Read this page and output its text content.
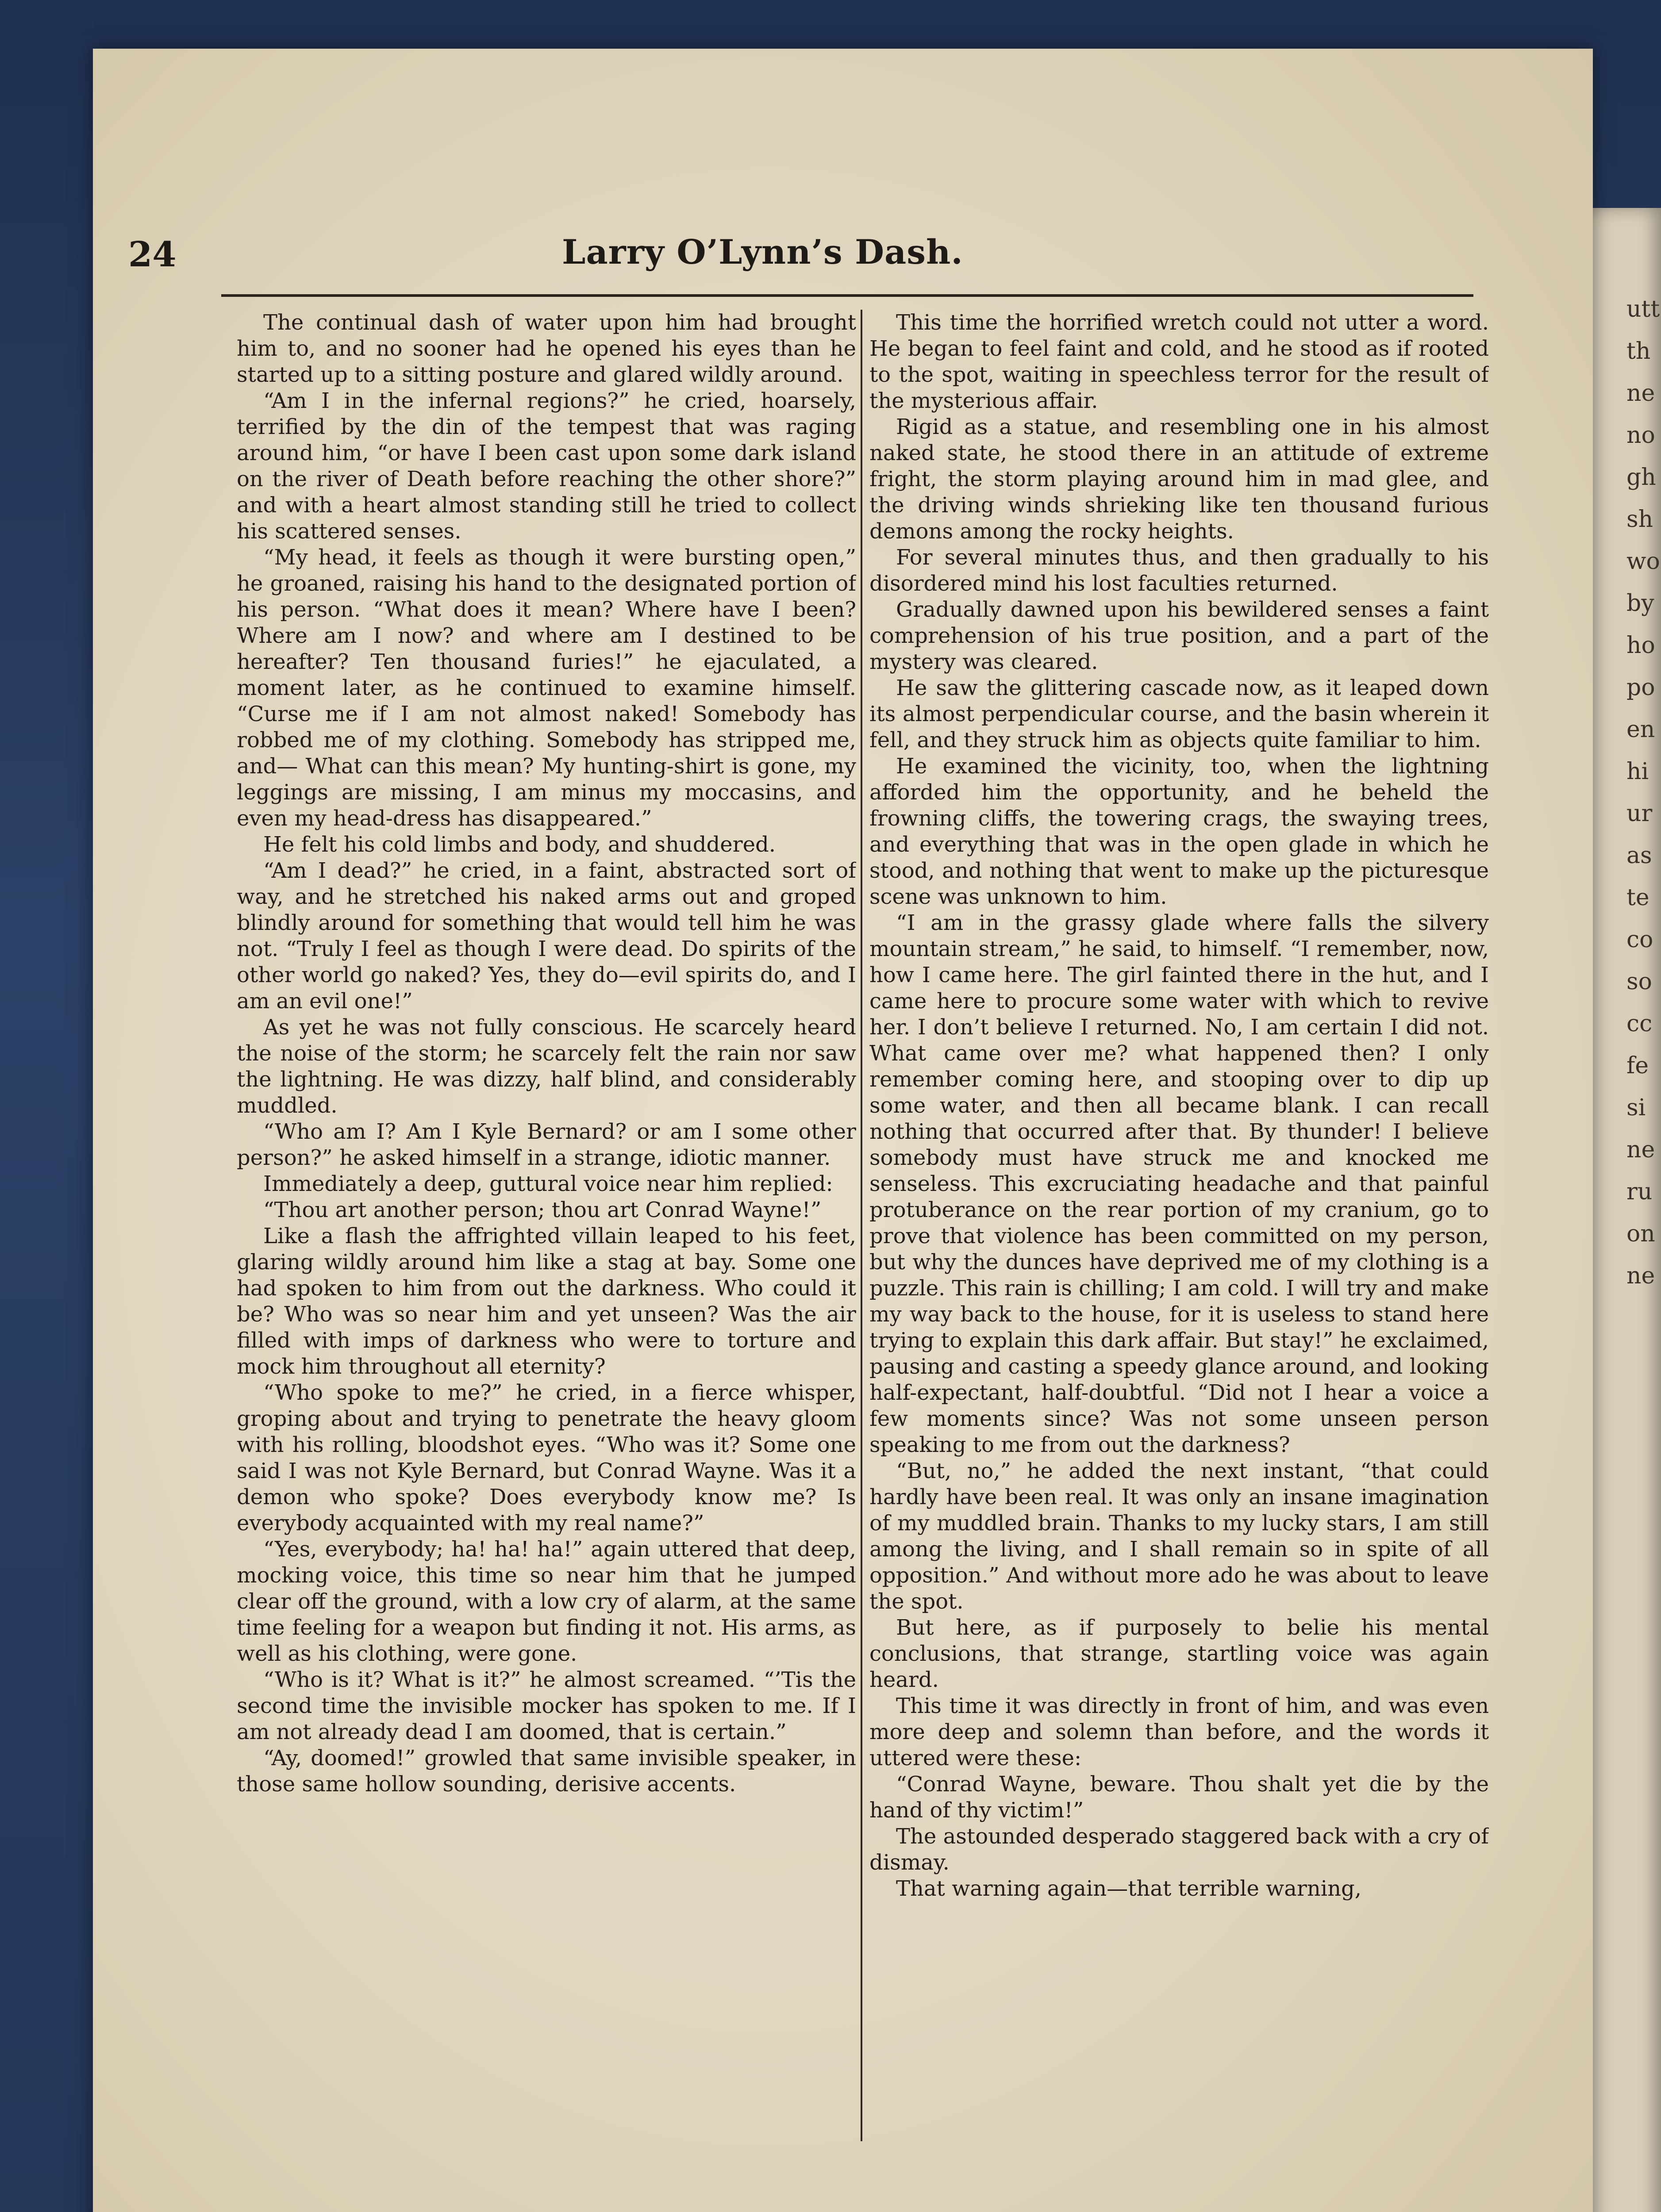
utt
th
ne
no
gh
sh
wo
by
ho
po
en
hi
ur
as
te
co
so
cc
fe
si
ne
ru
on
ne
24	Larry O’Lynn’s Dash.

The continual dash of water upon him had brought him to, and no sooner had he opened his eyes than he started up to a sitting posture and glared wildly around.

“Am I in the infernal regions?” he cried, hoarsely, terrified by the din of the tempest that was raging around him, “or have I been cast upon some dark island on the river of Death before reaching the other shore?” and with a heart almost standing still he tried to collect his scattered senses.

“My head, it feels as though it were bursting open,” he groaned, raising his hand to the designated portion of his person. “What does it mean? Where have I been? Where am I now? and where am I destined to be hereafter? Ten thousand furies!” he ejaculated, a moment later, as he continued to examine himself. “Curse me if I am not almost naked! Somebody has robbed me of my clothing. Somebody has stripped me, and— What can this mean? My hunting-shirt is gone, my leggings are missing, I am minus my moccasins, and even my head-dress has disappeared.”

He felt his cold limbs and body, and shuddered.

“Am I dead?” he cried, in a faint, abstracted sort of way, and he stretched his naked arms out and groped blindly around for something that would tell him he was not. “Truly I feel as though I were dead. Do spirits of the other world go naked? Yes, they do—evil spirits do, and I am an evil one!”

As yet he was not fully conscious. He scarcely heard the noise of the storm; he scarcely felt the rain nor saw the lightning. He was dizzy, half blind, and considerably muddled.

“Who am I? Am I Kyle Bernard? or am I some other person?” he asked himself in a strange, idiotic manner.

Immediately a deep, guttural voice near him replied:

“Thou art another person; thou art Conrad Wayne!”

Like a flash the affrighted villain leaped to his feet, glaring wildly around him like a stag at bay. Some one had spoken to him from out the darkness. Who could it be? Who was so near him and yet unseen? Was the air filled with imps of darkness who were to torture and mock him throughout all eternity?

“Who spoke to me?” he cried, in a fierce whisper, groping about and trying to penetrate the heavy gloom with his rolling, bloodshot eyes. “Who was it? Some one said I was not Kyle Bernard, but Conrad Wayne. Was it a demon who spoke? Does everybody know me? Is everybody acquainted with my real name?”

“Yes, everybody; ha! ha! ha!” again uttered that deep, mocking voice, this time so near him that he jumped clear off the ground, with a low cry of alarm, at the same time feeling for a weapon but finding it not. His arms, as well as his clothing, were gone.

“Who is it? What is it?” he almost screamed. “’Tis the second time the invisible mocker has spoken to me. If I am not already dead I am doomed, that is certain.”

“Ay, doomed!” growled that same invisible speaker, in those same hollow sounding, derisive accents.

This time the horrified wretch could not utter a word. He began to feel faint and cold, and he stood as if rooted to the spot, waiting in speechless terror for the result of the mysterious affair.

Rigid as a statue, and resembling one in his almost naked state, he stood there in an attitude of extreme fright, the storm playing around him in mad glee, and the driving winds shrieking like ten thousand furious demons among the rocky heights.

For several minutes thus, and then gradually to his disordered mind his lost faculties returned.

Gradually dawned upon his bewildered senses a faint comprehension of his true position, and a part of the mystery was cleared.

He saw the glittering cascade now, as it leaped down its almost perpendicular course, and the basin wherein it fell, and they struck him as objects quite familiar to him.

He examined the vicinity, too, when the lightning afforded him the opportunity, and he beheld the frowning cliffs, the towering crags, the swaying trees, and everything that was in the open glade in which he stood, and nothing that went to make up the picturesque scene was unknown to him.

“I am in the grassy glade where falls the silvery mountain stream,” he said, to himself. “I remember, now, how I came here. The girl fainted there in the hut, and I came here to procure some water with which to revive her. I don’t believe I returned. No, I am certain I did not. What came over me? what happened then? I only remember coming here, and stooping over to dip up some water, and then all became blank. I can recall nothing that occurred after that. By thunder! I believe somebody must have struck me and knocked me senseless. This excruciating headache and that painful protuberance on the rear portion of my cranium, go to prove that violence has been committed on my person, but why the dunces have deprived me of my clothing is a puzzle. This rain is chilling; I am cold. I will try and make my way back to the house, for it is useless to stand here trying to explain this dark affair. But stay!” he exclaimed, pausing and casting a speedy glance around, and looking half-expectant, half-doubtful. “Did not I hear a voice a few moments since? Was not some unseen person speaking to me from out the darkness?

“But, no,” he added the next instant, “that could hardly have been real. It was only an insane imagination of my muddled brain. Thanks to my lucky stars, I am still among the living, and I shall remain so in spite of all opposition.” And without more ado he was about to leave the spot.

But here, as if purposely to belie his mental conclusions, that strange, startling voice was again heard.

This time it was directly in front of him, and was even more deep and solemn than before, and the words it uttered were these:

“Conrad Wayne, beware. Thou shalt yet die by the hand of thy victim!”

The astounded desperado staggered back with a cry of dismay.

That warning again—that terrible warning,
